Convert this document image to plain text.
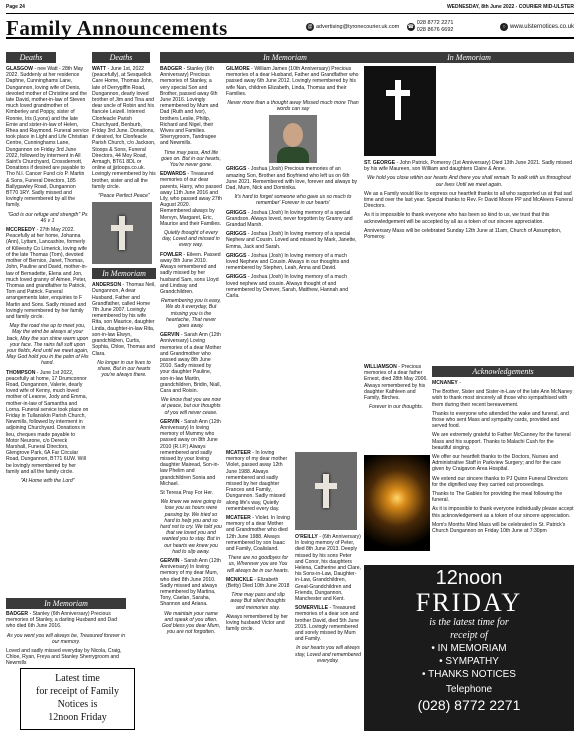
Page 24	WEDNESDAY, 8th June 2022 - COURIER MID-ULSTER
Family Announcements	@ advertising@tyronecourier.uk.com ☎
028 8772 2271
028 8676 6692	○ www.ulsternotices.co.uk
Deaths	Deaths	In Memoriam	In Memoriam
GLASGOW - nee Watt - 28th May 2022. Suddenly at her residence Daphne, Cunninghams Lane, Dungannon, loving wife of Denis, devoted mother of Christine and the late David, mother-in-law of Steven much loved grandmother of Kimberley and Poppy, sister of Ronnie, Iris (Lyons) and the late Ernie and sister-in-law of Helen, Rhea and Raymond. Funeral service took place in Light and Life Christian Centre, Cunninghams Lane, Dungannon on Friday 3rd June 2022, followed by interment in All Saint's Churchyard, Crossdernott, Donations if desired are payable to Tho N.I. Cancer Fund c/o P. Martin & Sons, Funeral Directors, 185 Ballygawley Road, Dungannon BT70 1RY. Sadly missed and lovingly remembered by all the family.
"God is our refuge and strength" Ps 46 v 1
MCCREEDY - 27th May 2022. Peacefully at her home, Johanna (Ann), Lyttam, Lancashire, formerly of Killeeshy Co Limerick, loving wife of the late Thomas (Tom), devoted mother of Bernice, Janet, Thomas, John, Pauline and David, mother-in-law of Bernadette, Elena and Jon, much loved granny of Aimee, Peter, Thomas and grandfather to Patrick, Tom and Patrick. Funeral arrangements later, enquiries to F Martin and Sons. Sadly missed and lovingly remembered by her family and family circle.
May the road rise up to meet you, May the wind be always at your back, May the sun shine warm upon your face. The rains fall soft upon your fields, And until we meet again, May God hold you in the palm of His hand.
THOMPSON - June 1st 2022, peacefully at home, 17 Drumconnor Road, Dungannon, Valerie, dearly loved wife of Kenny, much loved mother of Leanne, Jody and Emma, mother-in-law of Samantha and Lorna. Funeral service took place on Friday in Tullaniskin Parish Church, Newmills, followed by interment in adjoining Churchyard. Donations in lieu, cheques made payable to Motor Neurone, c/o Dereck Marshall, Funeral Directors, Glengrove Park, 6A Far Circular Road, Dungannon, BT71 6UW. Will be lovingly remembered by her family and all the family circle.
"At Home with the Lord"
In Memoriam
BADGER - Stanley (6th Anniversary) Precious memories of Stanley, a darling Husband and Dad who died 6th June 2016.
As you went you will always be, Treasured forever in our memory.
Loved and sadly missed everyday by Nicola, Craig, Chloe, Ryan, Freya and Stanley Sherrygroom and Newmills
Latest time
for receipt of Family
Notices is
12noon Friday
WATT - June 1st, 2022 (peacefully), at Sesquelick Care Home, Thomas John, late of Derrygiffin Road, Dungannon, dearly loved brother of Jim and Tina and dear uncle of Robin and his fiancée Leizell. Interred Clonfeacle Parish Churchyard, Benburb, Friday 3rd June. Donations, if desired, for Clonfeacle Parish Church, c/o Jackson, Stoops & Sons, Funeral Directors, 44 Moy Road, Armagh, BT61 8DL or online at jjstoops.co.uk. Lovingly remembered by his brother, sister and all the family circle.
"Peace Perfect Peace"
In Memoriam
ANDERSON - Thomas Neil, Dungannon, A dear Husband, Father and Grandfather, called Home 7th June 2007. Lovingly remembered by his wife Rita, son Maurice, daughter Linda, daughter-in-law Rita, son-in-law Elwyn, grandchildren, Curtis, Sophia, Chloe, Thomas and Clara.
No longer in our lives to share, But in our hearts you're always there.
BADGER - Stanley (6th Anniversary) Precious memories of Stanley, a very special Son and Brother, passed away 6th June 2016. Lovingly remembered by Mum and Dad (Ruth and Ivor), brothers Leslie, Philip, Richard and Nigel, their Wives and Families. Sherrygroom, Tandragee and Newmills.
Time may pass, And life goes on. But in our hearts, You're never gone.
EDWARDS - Treasured memories of our dear parents, Harry, who passed away 11th June 2016 and Lily, who passed away 27th August 2020. Remembered always by Mervyn, Margaret, Eric, Maurice and their Families.
Quietly thought of every day, Loved and missed in every way.
FOWLER - Eileen. Passed away 8th June 2010. Always remembered and sadly missed by her husband Sam, sons Lloyd and Lindsay and Grandchildren.
Remembering you is easy, We do it everyday, But missing you is the heartache, That never goes away.
GERVIN - Sarah Ann (12th Anniversary) Loving memories of a dear Mother and Grandmother who passed away 8th June 2010. Sadly missed by your daughter Pauline, son-in-law Martin, grandchildren, Bridin, Niall, Cara and Roisin.
We know that you are now at peace, but our thoughts of you will never cease.
GERVIN - Sarah Ann (12th Anniversary) In loving memory of Mummy who passed away on 8th June 2010 (R.I.P.) Always remembered and sadly missed by your loving daughter Mairead, Son-in-law Phelim and grandchildren Sonia and Michael.
St Teresa Pray For Her.
We knew we were going to lose you as hours were passing by. We tried so hard to help you and so hard not to cry. We told you that we loved you and wanted you to stay. But in our hearts we knew you had to slip away.
GERVIN - Sarah Ann (12th Anniversary) In loving memory of my dear Mum, who died 8th June 2010. Sadly missed and always remembered by Martina, Tony, Caelan, Saraha, Shannon and Ariana.
We maintain your name and speak of you often. God bless you dear Mum, you are not forgotten.
GILMORE - William James (10th Anniversary) Precious memories of a dear Husband, Father and Grandfather who passed away 6th June 2012. Lovingly remembered by his wife Nan, children Elizabeth, Linda, Thomas and their Families.
Never more than a thought away Missed much more Than words can say
GRIGGS - Joshua (Josh) Precious memories of an amazing Son, Brother and Boyfriend who left us on 6th June 2021. Remembered with love, forever and always by Dad, Mum, Nick and Dominika.
It's hard to forget someone who gave us so much to remember' Forever in our hearts'
GRIGGS - Joshua (Josh) In loving memory of a special Grandson. Always loved, never forgotten by Granny and Grandad Marsh.
GRIGGS - Joshua (Josh) In loving memory of a special Nephew and Cousin. Loved and missed by Mark, Janette, Emma, Jack and Sarah.
GRIGGS - Joshua (Josh) In loving memory of a much loved Nephew and Cousin. Always in our thoughts and remembered by Stephen, Leah, Anna and David.
GRIGGS - Joshua (Josh) In loving memory of a much loved nephew and cousin. Always thought of and remembered by Denver, Sarah, Matthew, Hannah and Carla.
MCATEER - In loving memory of my dear mother Violet, passed away 12th June 1988. Always remembered and sadly missed by her daughter Frances and Family, Dungannon. Sadly missed along life's way, Quietly remembered every day.
MCATEER - Violet. In loving memory of a dear Mother and Grandmother who died 12th June 1988. Always remembered by son Isaac and Family, Coalisland.
There are no goodbyes for us, Wherever you are You will always be in our hearts.
MCNICKLE - Elizabeth (Betty) Died 10th June 2018
Time may pass and slip away But silent thoughts and memories stay.
Always remembered by her loving husband Victor and family circle.
O'REILLY - (6th Anniversary) In loving memory of Peter, died 8th June 2013. Deeply missed by his sons Peter and Conor, his daughters Helena, Catherine and Clare, his Sons-in-Law, Daughter-in-Law, Grandchildren, Great-Grandchildren and Friends, Dungannon, Manchester and Kent.
SOMERVILLE - Treasured memories of a dear son and brother David, died 5th June 2015. Lovingly remembered and sorely missed by Mum and Family.
In our hearts you will always stay, Loved and remembered everyday.
ST. GEORGE - John Patrick, Pomeroy (1st Anniversary) Died 13th June 2021. Sadly missed by his wife Maureen, son William and daughters Claire & Anne.
We hold you close within our hearts And there you shall remain To walk with us throughout our lives Until we meet again.
We as a Family would like to express our heartfelt thanks to all who supported us at that sad time and over the last year. Special thanks to Rev. Fr David Moore PP and McAleers Funeral Directors.
As it is impossible to thank everyone who has been so kind to us, we trust that this acknowledgement will be accepted by all as a token of our sincere appreciation.
Anniversary Mass will be celebrated Sunday 12th June at 11am, Church of Assumption, Pomeroy.
WILLIAMSON - Precious memories of a dear father Ernest, died 28th May 2006. Always remembered by his daughter Kathleen and Family, Birches.
Forever in our thoughts.
Acknowledgements
MCNANEY -
The Brother, Sister and Sister-in-Law of the late Ann McNaney wish to thank most sincerely all those who sympathised with them during their recent bereavement.
Thanks to everyone who attended the wake and funeral, and those who sent Mass and sympathy cards, provided and served food.
We are extremely grateful to Father McCanney for the funeral Mass and his support. Thanks to Malachi Cush for the beautiful singing.
We offer our heartfelt thanks to the Doctors, Nurses and Administrative Staff in Parkview Surgery; and for the care given by Craigavon Area Hospital.
We extend our sincere thanks to PJ Quinn Funeral Directors for the dignified way they carried out proceedings.
Thanks to The Gables for providing the meal following the funeral.
As it is impossible to thank everyone individually please accept this acknowledgement as a token of our sincere appreciation.
Mom's Months Mind Mass will be celebrated in St. Patrick's Church Dungannon on Friday 10th June at 7:30pm
12noon
FRIDAY
is the latest time for
receipt of
• IN MEMORIAM
• SYMPATHY
• THANKS NOTICES
Telephone
(028) 8772 2271
